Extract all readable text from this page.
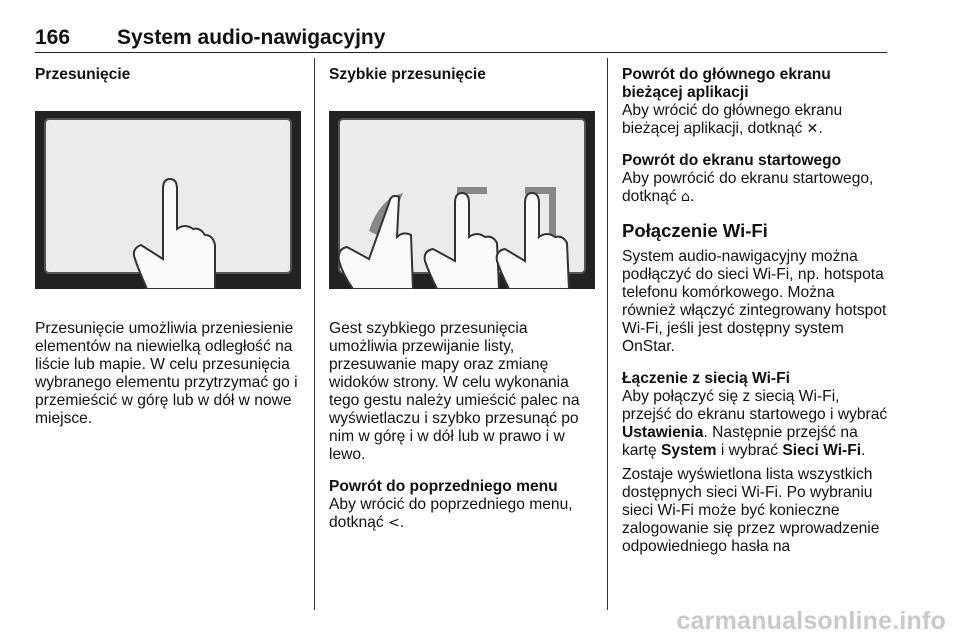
166 System audio-nawigacyjny

Przesunięcie

Przesunięcie umożliwia przeniesienie elementów na niewielką odległość na liście lub mapie. W celu przesunięcia wybranego elementu przytrzymać go i przemieścić w górę lub w dół w nowe miejsce.

Szybkie przesunięcie

Gest szybkiego przesunięcia umożliwia przewijanie listy, przesuwanie mapy oraz zmianę widoków strony. W celu wykonania tego gestu należy umieścić palec na wyświetlaczu i szybko przesunąć po nim w górę i w dół lub w prawo i w lewo.

Powrót do poprzedniego menu

Aby wrócić do poprzedniego menu, dotknąć <.

Powrót do głównego ekranu bieżącej aplikacji

Aby wrócić do głównego ekranu bieżącej aplikacji, dotknąć ✕.

Powrót do ekranu startowego

Aby powrócić do ekranu startowego, dotknąć ⌂.

Połączenie Wi-Fi

System audio-nawigacyjny można podłączyć do sieci Wi-Fi, np. hotspota telefonu komórkowego. Można również włączyć zintegrowany hotspot Wi-Fi, jeśli jest dostępny system OnStar.

Łączenie z siecią Wi-Fi

Aby połączyć się z siecią Wi-Fi, przejść do ekranu startowego i wybrać Ustawienia. Następnie przejść na kartę System i wybrać Sieci Wi-Fi.

Zostaje wyświetlona lista wszystkich dostępnych sieci Wi-Fi. Po wybraniu sieci Wi-Fi może być konieczne zalogowanie się przez wprowadzenie odpowiedniego hasła na

carmanualsonline.info
